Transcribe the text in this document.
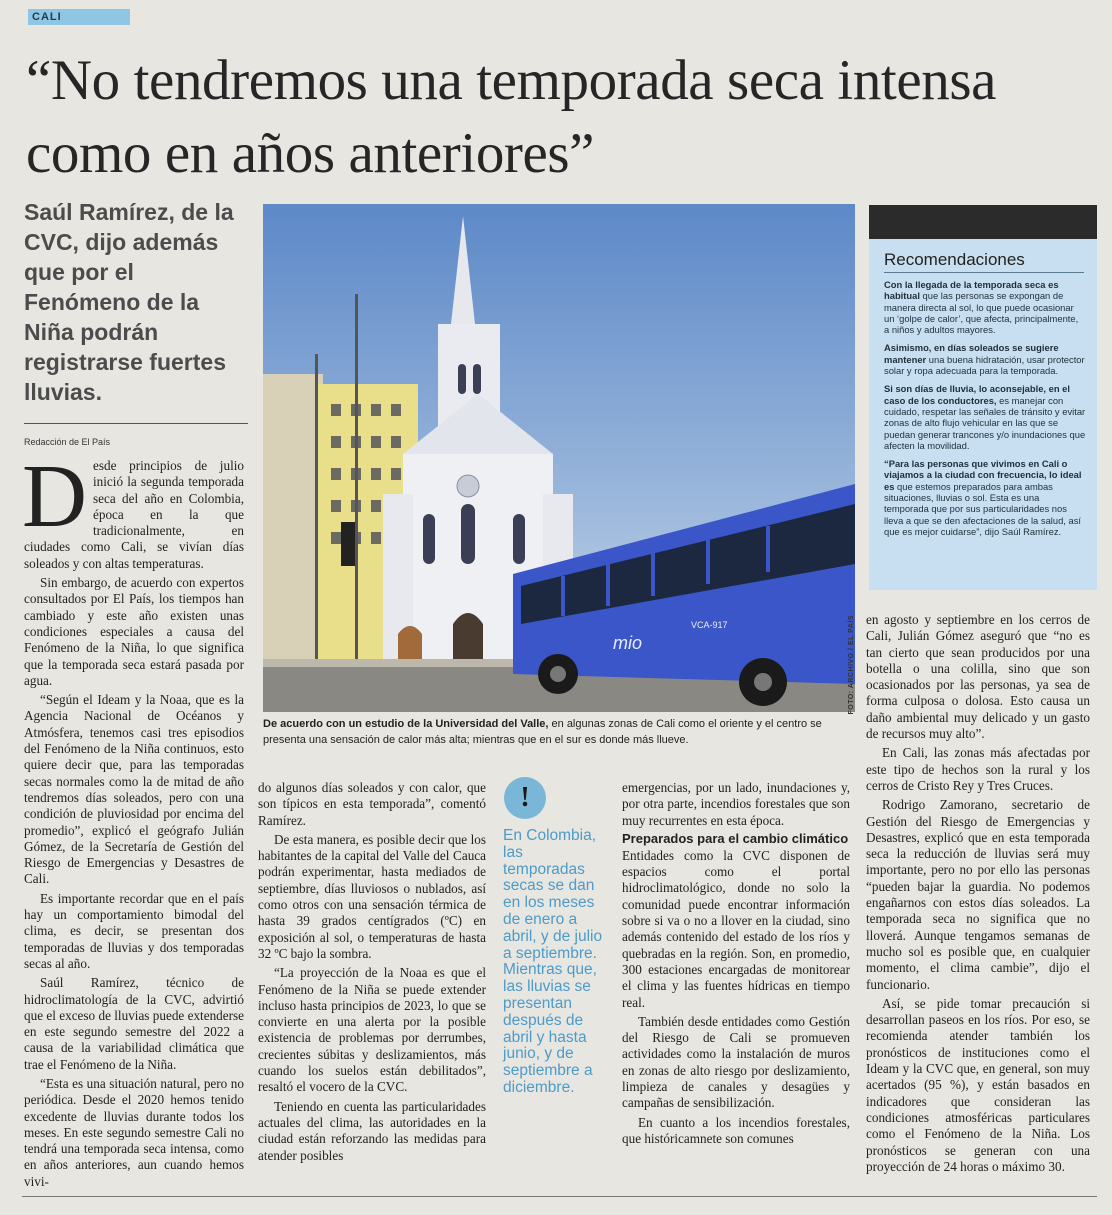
CALI
“No tendremos una temporada seca intensa como en años anteriores”

Saúl Ramírez, de la CVC, dijo además que por el Fenómeno de la Niña podrán registrarse fuertes lluvias.

Redacción de El País
D esde principios de julio inició la segunda temporada seca del año en Colombia, época en la que tradicionalmente, en ciudades como Cali, se vivían días soleados y con altas temperaturas.

Sin embargo, de acuerdo con expertos consultados por El País, los tiempos han cambiado y este año existen unas condiciones especiales a causa del Fenómeno de la Niña, lo que significa que la temporada seca estará pasada por agua.

“Según el Ideam y la Noaa, que es la Agencia Nacional de Océanos y Atmósfera, tenemos casi tres episodios del Fenómeno de la Niña continuos, esto quiere decir que, para las temporadas secas normales como la de mitad de año tendremos días soleados, pero con una condición de pluviosidad por encima del promedio”, explicó el geógrafo Julián Gómez, de la Secretaría de Gestión del Riesgo de Emergencias y Desastres de Cali.

Es importante recordar que en el país hay un comportamiento bimodal del clima, es decir, se presentan dos temporadas de lluvias y dos temporadas secas al año.

Saúl Ramírez, técnico de hidroclimatología de la CVC, advirtió que el exceso de lluvias puede extenderse en este segundo semestre del 2022 a causa de la variabilidad climática que trae el Fenómeno de la Niña.

“Esta es una situación natural, pero no periódica. Desde el 2020 hemos tenido excedente de lluvias durante todos los meses. En este segundo semestre Cali no tendrá una temporada seca intensa, como en años anteriores, aun cuando hemos vivi-

mio
VCA-917	FOTO: ARCHIVO / EL PAÍS

De acuerdo con un estudio de la Universidad del Valle, en algunas zonas de Cali como el oriente y el centro se presenta una sensación de calor más alta; mientras que en el sur es donde más llueve.

Recomendaciones

Con la llegada de la temporada seca es habitual que las personas se expongan de manera directa al sol, lo que puede ocasionar un ‘golpe de calor’, que afecta, principalmente, a niños y adultos mayores.

Asimismo, en días soleados se sugiere mantener una buena hidratación, usar protector solar y ropa adecuada para la temporada.

Si son días de lluvia, lo aconsejable, en el caso de los conductores, es manejar con cuidado, respetar las señales de tránsito y evitar zonas de alto flujo vehicular en las que se puedan generar trancones y/o inundaciones que afecten la movilidad.

“Para las personas que vivimos en Cali o viajamos a la ciudad con frecuencia, lo ideal es que estemos preparados para ambas situaciones, lluvias o sol. Esta es una temporada que por sus particularidades nos lleva a que se den afectaciones de la salud, así que es mejor cuidarse”, dijo Saúl Ramírez.

do algunos días soleados y con calor, que son típicos en esta temporada”, comentó Ramírez.

De esta manera, es posible decir que los habitantes de la capital del Valle del Cauca podrán experimentar, hasta mediados de septiembre, días lluviosos o nublados, así como otros con una sensación térmica de hasta 39 grados centígrados (ºC) en exposición al sol, o temperaturas de hasta 32 ºC bajo la sombra.

“La proyección de la Noaa es que el Fenómeno de la Niña se puede extender incluso hasta principios de 2023, lo que se convierte en una alerta por la posible existencia de problemas por derrumbes, crecientes súbitas y deslizamientos, más cuando los suelos están debilitados”, resaltó el vocero de la CVC.

Teniendo en cuenta las particularidades actuales del clima, las autoridades en la ciudad están reforzando las medidas para atender posibles

!

En Colombia, las temporadas secas se dan en los meses de enero a abril, y de julio a septiembre. Mientras que, las lluvias se presentan después de abril y hasta junio, y de septiembre a diciembre.

emergencias, por un lado, inundaciones y, por otra parte, incendios forestales que son muy recurrentes en esta época.

Preparados para el cambio climático

Entidades como la CVC disponen de espacios como el portal hidroclimatológico, donde no solo la comunidad puede encontrar información sobre si va o no a llover en la ciudad, sino además contenido del estado de los ríos y quebradas en la región. Son, en promedio, 300 estaciones encargadas de monitorear el clima y las fuentes hídricas en tiempo real.

También desde entidades como Gestión del Riesgo de Cali se promueven actividades como la instalación de muros en zonas de alto riesgo por deslizamiento, limpieza de canales y desagües y campañas de sensibilización.

En cuanto a los incendios forestales, que históricamnete son comunes

en agosto y septiembre en los cerros de Cali, Julián Gómez aseguró que “no es tan cierto que sean producidos por una botella o una colilla, sino que son ocasionados por las personas, ya sea de forma culposa o dolosa. Esto causa un daño ambiental muy delicado y un gasto de recursos muy alto”.

En Cali, las zonas más afectadas por este tipo de hechos son la rural y los cerros de Cristo Rey y Tres Cruces.

Rodrigo Zamorano, secretario de Gestión del Riesgo de Emergencias y Desastres, explicó que en esta temporada seca la reducción de lluvias será muy importante, pero no por ello las personas “pueden bajar la guardia. No podemos engañarnos con estos días soleados. La temporada seca no significa que no lloverá. Aunque tengamos semanas de mucho sol es posible que, en cualquier momento, el clima cambie”, dijo el funcionario.

Así, se pide tomar precaución si desarrollan paseos en los ríos. Por eso, se recomienda atender también los pronósticos de instituciones como el Ideam y la CVC que, en general, son muy acertados (95 %), y están basados en indicadores que consideran las condiciones atmosféricas particulares como el Fenómeno de la Niña. Los pronósticos se generan con una proyección de 24 horas o máximo 30.
